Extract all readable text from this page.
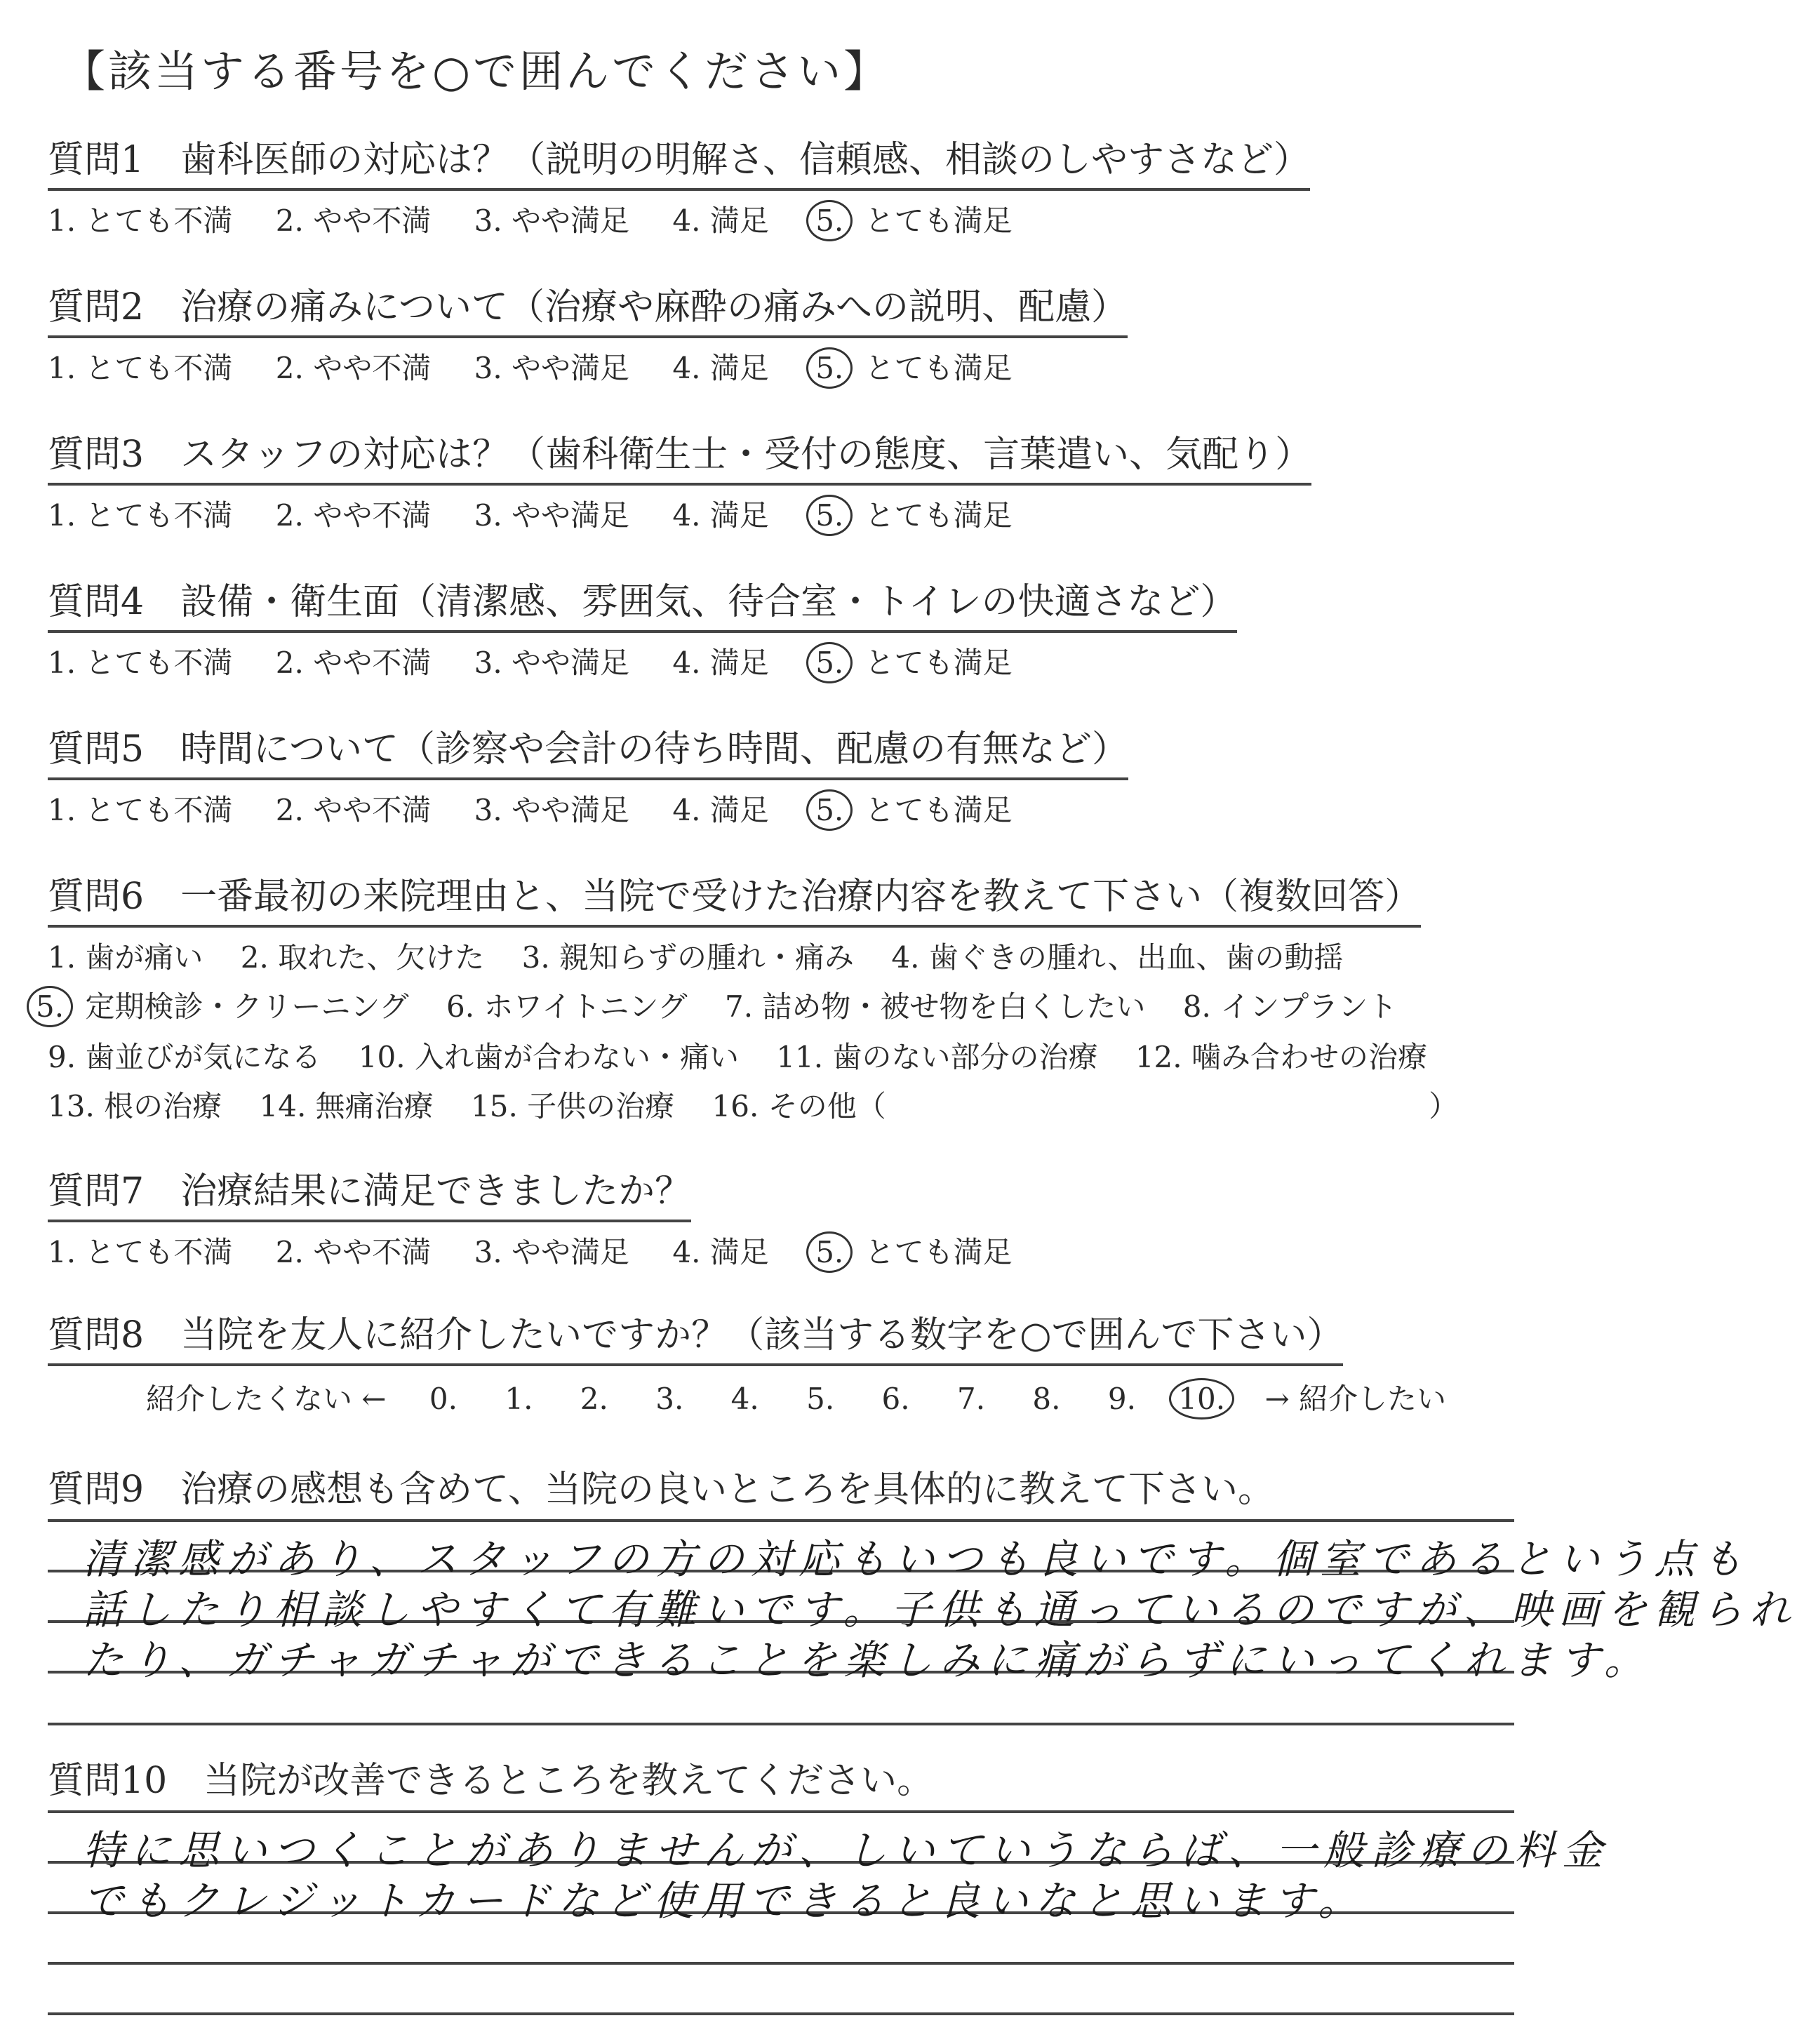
【該当する番号を○で囲んでください】
質問1　歯科医師の対応は？（説明の明解さ、信頼感、相談のしやすさなど）
1. とても不満 2. やや不満 3. やや満足 4. 満足 5. とても満足
質問2　治療の痛みについて（治療や麻酔の痛みへの説明、配慮）
1. とても不満 2. やや不満 3. やや満足 4. 満足 5. とても満足
質問3　スタッフの対応は？（歯科衛生士・受付の態度、言葉遣い、気配り）
1. とても不満 2. やや不満 3. やや満足 4. 満足 5. とても満足
質問4　設備・衛生面（清潔感、雰囲気、待合室・トイレの快適さなど）
1. とても不満 2. やや不満 3. やや満足 4. 満足 5. とても満足
質問5　時間について（診察や会計の待ち時間、配慮の有無など）
1. とても不満 2. やや不満 3. やや満足 4. 満足 5. とても満足
質問6　一番最初の来院理由と、当院で受けた治療内容を教えて下さい（複数回答）
1. 歯が痛い 2. 取れた、欠けた 3. 親知らずの腫れ・痛み 4. 歯ぐきの腫れ、出血、歯の動揺
5. 定期検診・クリーニング 6. ホワイトニング 7. 詰め物・被せ物を白くしたい 8. インプラント
9. 歯並びが気になる 10. 入れ歯が合わない・痛い 11. 歯のない部分の治療 12. 噛み合わせの治療
13. 根の治療 14. 無痛治療 15. 子供の治療 16. その他（	）
質問7　治療結果に満足できましたか？
1. とても不満 2. やや不満 3. やや満足 4. 満足 5. とても満足
質問8　当院を友人に紹介したいですか？（該当する数字を○で囲んで下さい）
紹介したくない ← 0. 1. 2. 3. 4. 5. 6. 7. 8. 9. 10. → 紹介したい
質問9　治療の感想も含めて、当院の良いところを具体的に教えて下さい。
清潔感があり、スタッフの方の対応もいつも良いです。個室であるという点も
話したり相談しやすくて有難いです。子供も通っているのですが、映画を観られ
たり、ガチャガチャができることを楽しみに痛がらずにいってくれます。
質問10　当院が改善できるところを教えてください。
特に思いつくことがありませんが、しいていうならば、一般診療の料金
でもクレジットカードなど使用できると良いなと思います。
